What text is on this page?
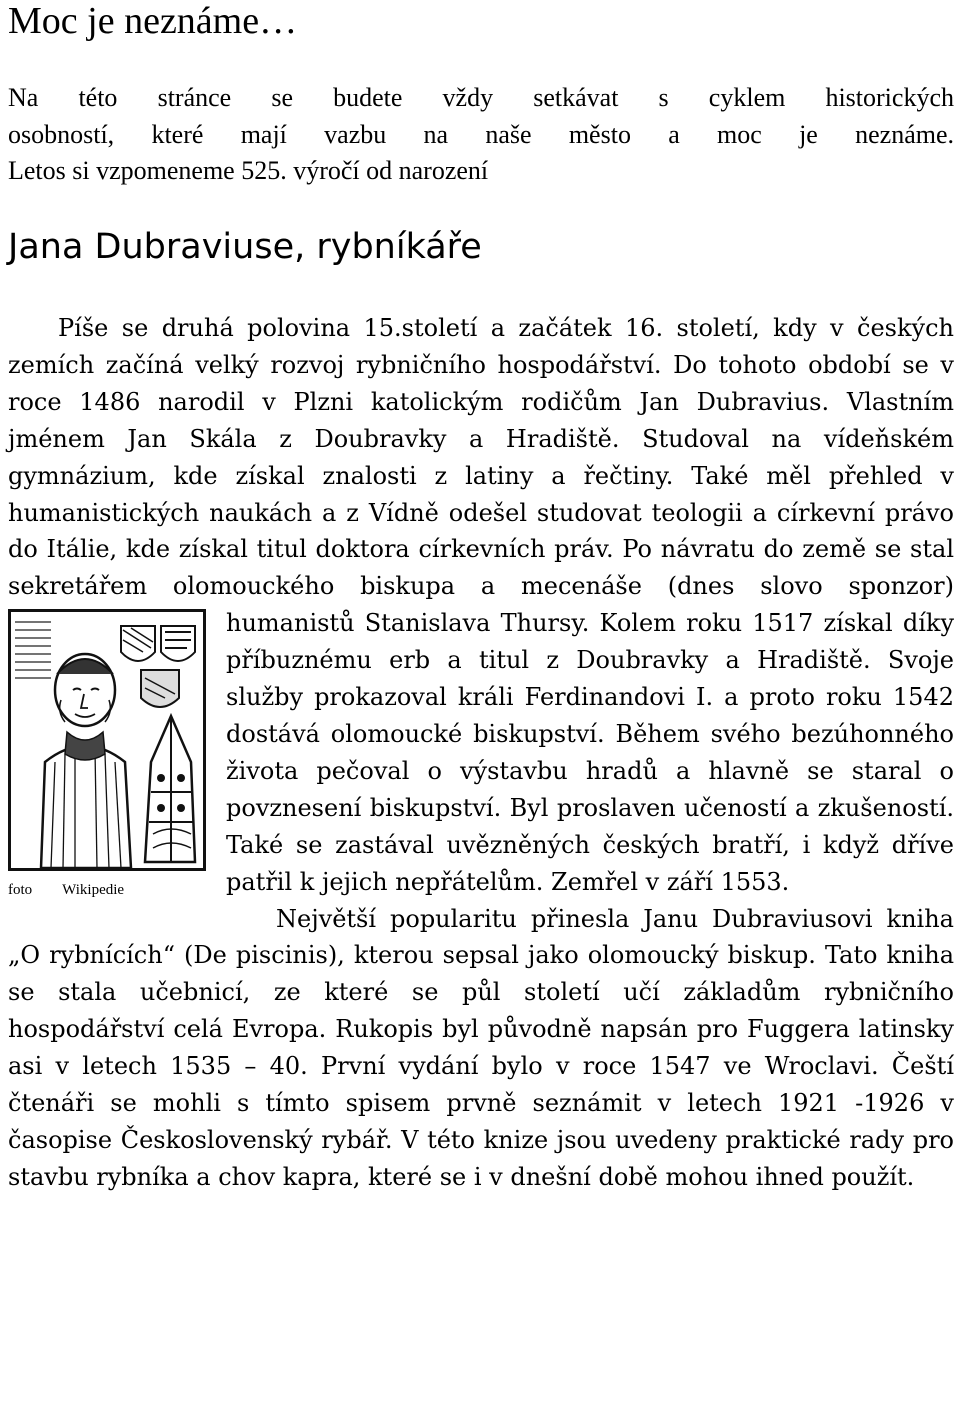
Moc je neznáme…
Na této stránce se budete vždy setkávat s cyklem historických
osobností, které mají vazbu na naše město a moc je neznáme.
Letos si vzpomeneme 525. výročí od narození
Jana Dubraviuse, rybníkáře

Píše se druhá polovina 15.století a začátek 16. století, kdy v českých zemích začíná velký rozvoj rybničního hospodářství. Do tohoto období se v roce 1486 narodil v Plzni katolickým rodičům Jan Dubravius. Vlastním jménem Jan Skála z Doubravky a Hradiště. Studoval na vídeňském gymnázium, kde získal znalosti z latiny a řečtiny. Také měl přehled v humanistických naukách a z Vídně odešel studovat teologii a církevní právo do Itálie, kde získal titul doktora církevních práv. Po návratu do země se stal sekretářem olomouckého biskupa a mecenáše (dnes slovo sponzor) humanistů Stanislava Thursy. Kolem roku 1517 získal díky
foto Wikipedie
příbuznému erb a titul z Doubravky a Hradiště. Svoje služby prokazoval králi Ferdinandovi I. a proto roku 1542 dostává olomoucké biskupství. Během svého bezúhonného života pečoval o výstavbu hradů a hlavně se staral o povznesení biskupství. Byl proslaven učeností a zkušeností. Také se zastával uvězněných českých bratří, i když dříve patřil k jejich nepřátelům. Zemřel v září 1553.

Největší popularitu přinesla Janu Dubraviusovi kniha „O rybnících“ (De piscinis), kterou sepsal jako olomoucký biskup. Tato kniha se stala učebnicí, ze které se půl století učí základům rybničního hospodářství celá Evropa. Rukopis byl původně napsán pro Fuggera latinsky asi v letech 1535 – 40. První vydání bylo v roce 1547 ve Wroclavi. Čeští čtenáři se mohli s tímto spisem prvně seznámit v letech 1921 -1926 v časopise Československý rybář. V této knize jsou uvedeny praktické rady pro stavbu rybníka a chov kapra, které se i v dnešní době mohou ihned použít.
